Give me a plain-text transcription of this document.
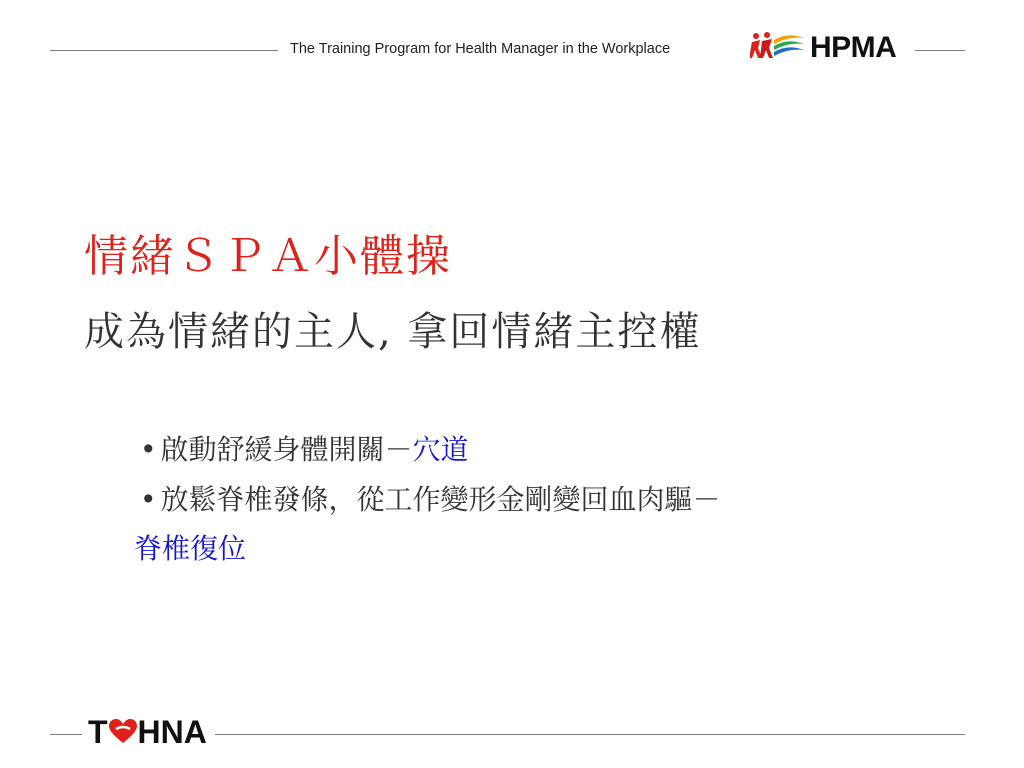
The Training Program for Health Manager in the Workplace	HPMA
情緒ＳＰＡ小體操
成為情緒的主人, 拿回情緒主控權
• 啟動舒緩身體開關－穴道
• 放鬆脊椎發條，從工作變形金剛變回血肉驅－
脊椎復位
T HNA
